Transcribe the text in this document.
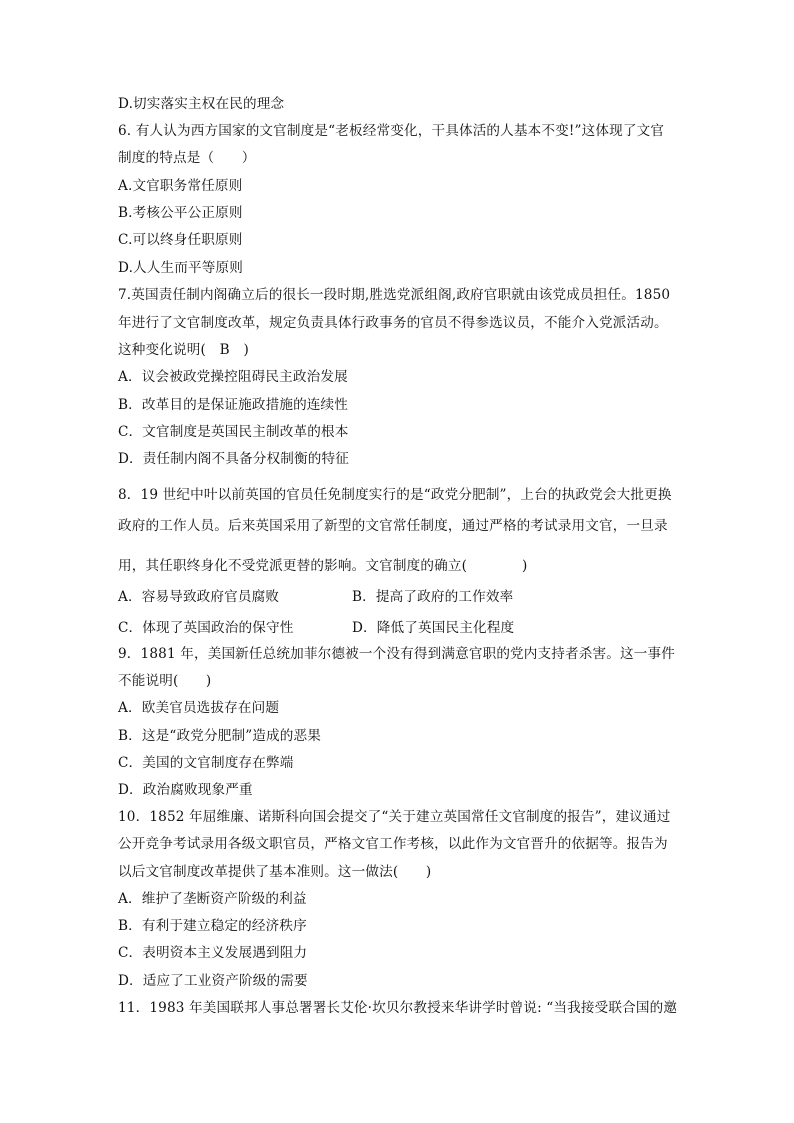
D.切实落实主权在民的理念
6. 有人认为西方国家的文官制度是“老板经常变化，干具体活的人基本不变!”这体现了文官
制度的特点是（　　）
A.文官职务常任原则
B.考核公平公正原则
C.可以终身任职原则
D.人人生而平等原则
7.英国责任制内阁确立后的很长一段时期,胜选党派组阁,政府官职就由该党成员担任。1850
年进行了文官制度改革，规定负责具体行政事务的官员不得参选议员，不能介入党派活动。
这种变化说明(　B　)
A．议会被政党操控阻碍民主政治发展
B．改革目的是保证施政措施的连续性
C．文官制度是英国民主制改革的根本
D．责任制内阁不具备分权制衡的特征
8．19 世纪中叶以前英国的官员任免制度实行的是“政党分肥制”，上台的执政党会大批更换
政府的工作人员。后来英国采用了新型的文官常任制度，通过严格的考试录用文官，一旦录
用，其任职终身化不受党派更替的影响。文官制度的确立(　　　　)
A．容易导致政府官员腐败	B．提高了政府的工作效率
C．体现了英国政治的保守性	D．降低了英国民主化程度
9．1881 年，美国新任总统加菲尔德被一个没有得到满意官职的党内支持者杀害。这一事件
不能说明(　　)
A．欧美官员选拔存在问题
B．这是“政党分肥制”造成的恶果
C．美国的文官制度存在弊端
D．政治腐败现象严重
10．1852 年屈维廉、诺斯科向国会提交了“关于建立英国常任文官制度的报告”，建议通过
公开竞争考试录用各级文职官员，严格文官工作考核，以此作为文官晋升的依据等。报告为
以后文官制度改革提供了基本准则。这一做法(　　)
A．维护了垄断资产阶级的利益
B．有利于建立稳定的经济秩序
C．表明资本主义发展遇到阻力
D．适应了工业资产阶级的需要
11．1983 年美国联邦人事总署署长艾伦·坎贝尔教授来华讲学时曾说: “当我接受联合国的邀
